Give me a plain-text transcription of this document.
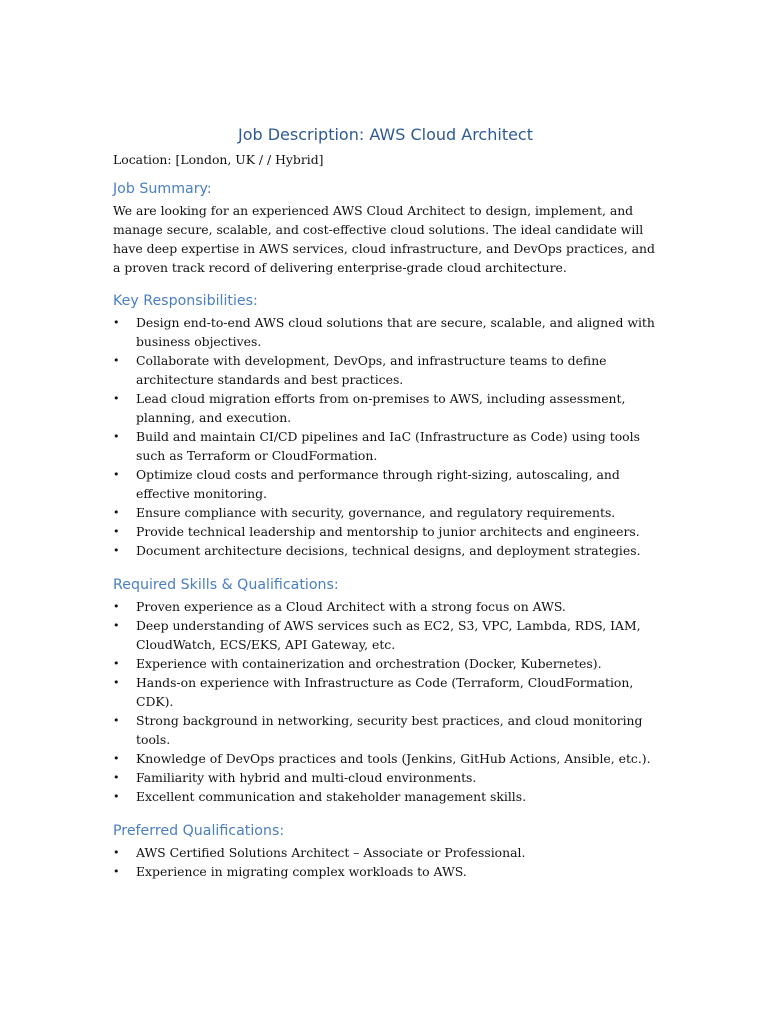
Job Description: AWS Cloud Architect

Location: [London, UK / / Hybrid]

Job Summary:

We are looking for an experienced AWS Cloud Architect to design, implement, and manage secure, scalable, and cost-effective cloud solutions. The ideal candidate will have deep expertise in AWS services, cloud infrastructure, and DevOps practices, and a proven track record of delivering enterprise-grade cloud architecture.

Key Responsibilities:
• Design end-to-end AWS cloud solutions that are secure, scalable, and aligned with business objectives.
• Collaborate with development, DevOps, and infrastructure teams to define architecture standards and best practices.
• Lead cloud migration efforts from on-premises to AWS, including assessment, planning, and execution.
• Build and maintain CI/CD pipelines and IaC (Infrastructure as Code) using tools such as Terraform or CloudFormation.
• Optimize cloud costs and performance through right-sizing, autoscaling, and effective monitoring.
• Ensure compliance with security, governance, and regulatory requirements.
• Provide technical leadership and mentorship to junior architects and engineers.
• Document architecture decisions, technical designs, and deployment strategies.
Required Skills & Qualifications:
• Proven experience as a Cloud Architect with a strong focus on AWS.
• Deep understanding of AWS services such as EC2, S3, VPC, Lambda, RDS, IAM, CloudWatch, ECS/EKS, API Gateway, etc.
• Experience with containerization and orchestration (Docker, Kubernetes).
• Hands-on experience with Infrastructure as Code (Terraform, CloudFormation, CDK).
• Strong background in networking, security best practices, and cloud monitoring tools.
• Knowledge of DevOps practices and tools (Jenkins, GitHub Actions, Ansible, etc.).
• Familiarity with hybrid and multi-cloud environments.
• Excellent communication and stakeholder management skills.
Preferred Qualifications:
• AWS Certified Solutions Architect – Associate or Professional.
• Experience in migrating complex workloads to AWS.
